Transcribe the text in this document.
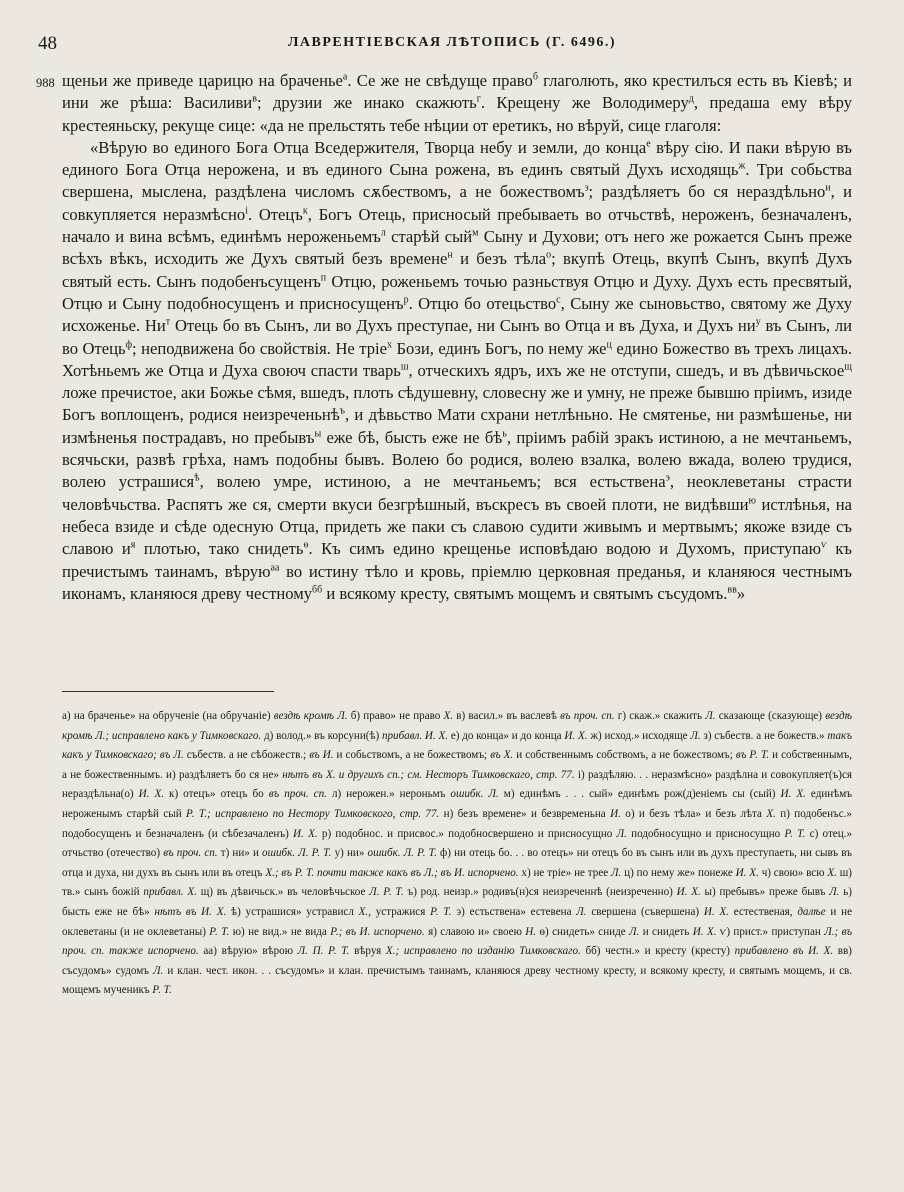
48	ЛАВРЕНТІЕВСКАЯ ЛѢТОПИСЬ (Г. 6496.)
988 щеньи же приведе царицю на браченье$^а$. Се же не свѣдуще право$^б$ глаголють, яко крестилъся есть въ Кіевѣ; и ини же рѣша: Василиви$^в$; друзии же инако скажють$^г$. Крещену же Володимеру$^д$, предаша ему вѣру крестеяньску, рекуще сице: «да не прельстять тебе нѣции от еретикъ, но вѣруй, сице глаголя:

«Вѣрую во единого Бога Отца Вседержителя, Творца небу и земли, до конца$^е$ вѣру сію. И паки вѣрую въ единого Бога Отца нерожена, и въ единого Сына рожена, въ единъ святый Духъ исходящь$^ж$. Три собьства свершена, мыслена, раздѣлена числомъ сѫбествомъ, а не божествомъ$^з$; раздѣляетъ бо ся нераздѣльно$^и$, и совкупляется неразмѣсно$^і$. Отецъ$^к$, Богъ Отець, присносый пребываеть во отчьствѣ, нероженъ, безначаленъ, начало и вина всѣмъ, единѣмъ нероженьемъ$^л$ старѣй сый$^м$ Сыну и Духови; отъ него же рожается Сынъ преже всѣхъ вѣкъ, исходить же Духъ святый безъ времене$^н$ и безъ тѣла$^о$; вкупѣ Отець, вкупѣ Сынъ, вкупѣ Духъ святый есть. Сынъ подобенъсущенъ$^п$ Отцю, роженьемъ точью разньствуя Отцю и Духу. Духъ есть пресвятый, Отцю и Сыну подобносущенъ и присносущенъ$^р$. Отцю бо отецьство$^с$, Сыну же сыновьство, святому же Духу исхоженье. $Ни^т$ Отець бо въ Сынъ, ли во Духъ преступае, ни Сынъ во Отца и въ Духа, и Духъ $ни^у$ въ Сынъ, ли во Отець$^ф$; неподвижена бо свойствія. Не тріе$^х$ Бози, единъ Богъ, по нему $же^ц$ едино Божество въ трехъ лицахъ. Хотѣньемъ же Отца и Духа своюч спасти тварь$^ш$, отческихъ ядръ, ихъ же не отступи, сшедъ, и въ дѣвичьское$^щ$ ложе пречистое, аки Божье сѣмя, вшедъ, плоть сѣдушевну, словесну же и умну, не преже бывшю пріимъ, изиде Богъ воплощенъ, родися неизреченьнѣ$^ъ$, и дѣвьство Мати схрани нетлѣньно. Не смятенье, ни размѣшенье, ни измѣненья пострадавъ, но пребывъ$^ы$ еже бѣ, бысть еже не $бѣ^ь$, пріимъ рабій зракъ истиною, а не мечтаньемъ, всячьски, развѣ грѣха, намъ подобны бывъ. Волею бо родися, волею взалка, волею вжада, волею трудися, волею устрашися$^ѣ$, волею умре, истиною, а не мечтаньемъ; вся естьствена$^э$, неоклеветаны страсти человѣчьства. Распятъ же ся, смерти вкуси безгрѣшный, въскресъ въ своей плоти, не видѣвши$^ю$ истлѣнья, на небеса взиде и сѣде одесную Отца, придеть же паки съ славою судити живымъ и мертвымъ; якоже взиде съ славою $и^я$ плотью, тако снидеть$^ѳ$. Къ симъ едино крещенье исповѣдаю водою и Духомъ, приступаю$^ѵ$ къ пречистымъ таинамъ, вѣрую$^{аа}$ во истину тѣло и кровь, пріемлю церковная преданья, и кланяюся честнымъ иконамъ, кланяюся древу честному$^{бб}$ и всякому кресту, святымъ мощемъ и святымъ съсудомъ.$^{вв}$»

а) на браченье» на обрученіе (на обручаніе) вездѣ кромѣ Л. б) право» не право Х. в) васил.» въ васлевѣ въ проч. сп. г) скаж.» скажить Л. сказающе (сказующе) вездѣ кромѣ Л.; исправлено какъ у Тимковскаго. д) волод.» въ корсуни(ѣ) прибавл. И. Х. е) до конца» и до конца И. Х. ж) исход.» исходяще Л. з) събеств. а не божеств.» такъ какъ у Тимковскаго; въ Л. събеств. а не сѣбожеств.; въ И. и собьствомъ, а не божествомъ; въ Х. и собственнымъ собствомъ, а не божествомъ; въ Р. Т. и собственнымъ, а не божественнымъ. и) раздѣляетъ бо ся не» нѣтъ въ Х. и другихъ сп.; см. Несторъ Тимковскаго, стр. 77. і) раздѣляю. . . неразмѣсно» раздѣлна и совокупляет(ъ)ся нераздѣльна(о) И. Х. к) отецъ» отецъ бо въ проч. сп. л) нерожен.» нероньмъ ошибк. Л. м) единѣмъ . . . сый» единѣмъ рож(д)енiемъ сы (сый) И. Х. единѣмъ нероженымъ старѣй сый Р. Т.; исправлено по Нестору Тимковского, стр. 77. н) безъ времене» и безвременьна И. о) и безъ тѣла» и безъ лѣта Х. п) подобенъс.» подобосущенъ и безначаленъ (и сѣбезачаленъ) И. Х. р) подобнос. и присвос.» подобносвершено и присносущно Л. подобносущно и присносущно Р. Т. с) отец.» отчьство (отечество) въ проч. сп. т) ни» и ошибк. Л. Р. Т. у) ни» ошибк. Л. Р. Т. ф) ни отець бо. . . во отецъ» ни отецъ бо въ сынъ или въ духъ преступаеть, ни сывъ въ отца и духа, ни духъ въ сынъ или въ отецъ Х.; въ Р. Т. почти также какъ въ Л.; въ И. испорчено. х) не тріе» не трее Л. ц) по нему же» понеже И. Х. ч) свою» всю Х. ш) тв.» сынъ божій прибавл. Х. щ) въ дѣвичьск.» въ человѣчьское Л. Р. Т. ъ) род. неизр.» родивъ(н)ся неизреченнѣ (неизреченно) И. Х. ы) пребывъ» преже бывъ Л. ь) бысть еже не бѣ» нѣтъ въ И. Х. ѣ) устрашися» устрависл Х., устражися Р. Т. э) естьствена» естевена Л. свершена (съвершена) И. Х. естественая, далѣе и не оклеветаны (и не оклеветаны) Р. Т. ю) не вид.» не вида Р.; въ И. испорчено. я) славою и» своею Н. ѳ) снидеть» сниде Л. и снидеть И. Х. ѵ) прист.» приступан Л.; въ проч. сп. также испорчено. аа) вѣрую» вѣрою Л. П. Р. Т. вѣруя Х.; исправлено по изданію Тимковскаго. бб) честн.» и кресту (кресту) прибавлено въ И. Х. вв) съсудомъ» судомъ Л. и клан. чест. икон. . . съсудомъ» и клан. пречистымъ таинамъ, кланяюся древу честному кресту, и всякому кресту, и святымъ мощемъ, и св. мощемъ мученикъ Р. Т.
